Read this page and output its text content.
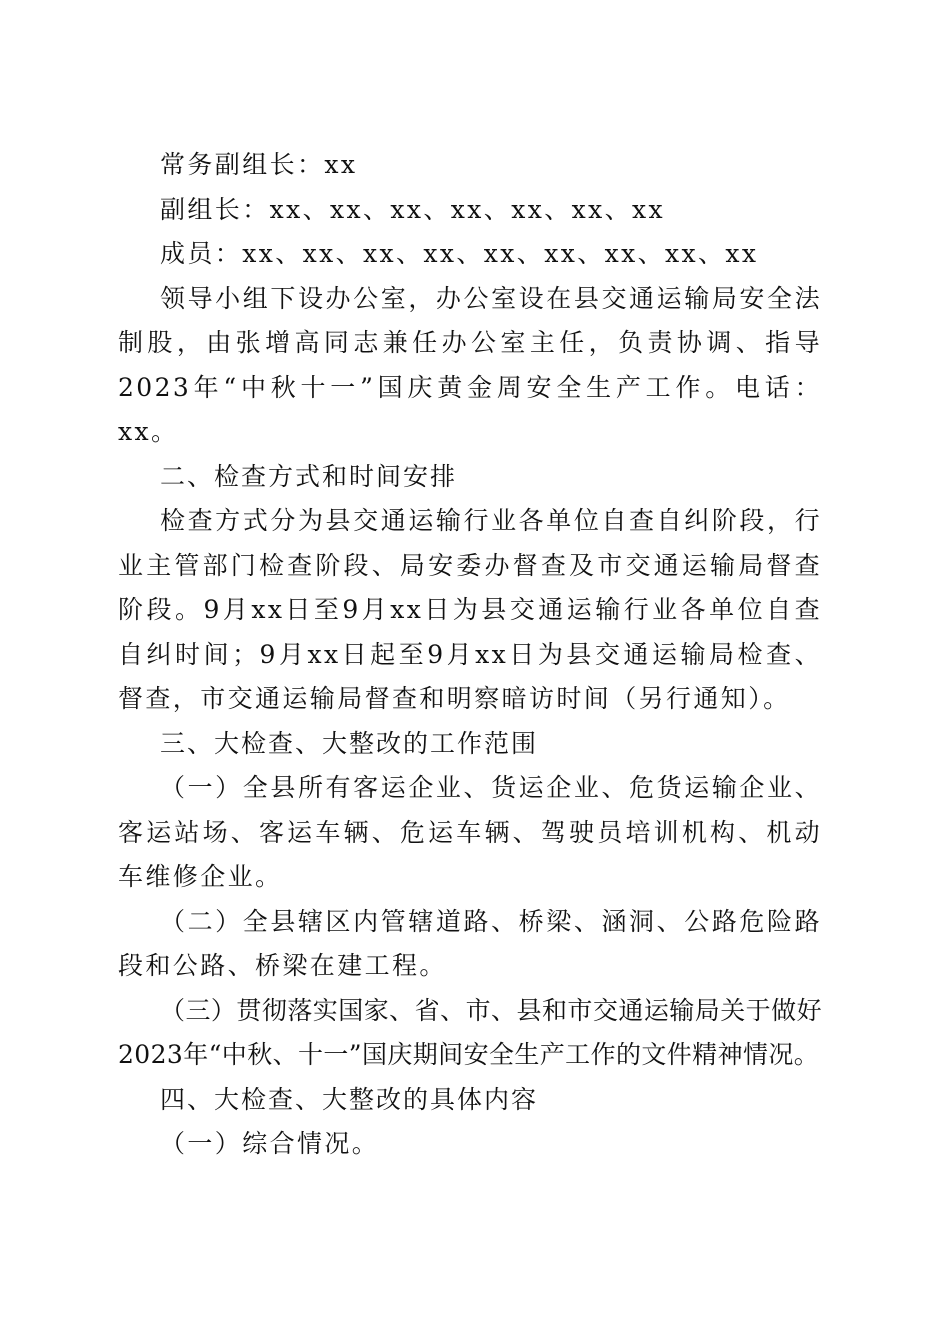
常务副组长：xx

副组长：xx、xx、xx、xx、xx、xx、xx

成员：xx、xx、xx、xx、xx、xx、xx、xx、xx

领导小组下设办公室，办公室设在县交通运输局安全法制股，由张增高同志兼任办公室主任，负责协调、指导2023年“中秋十一”国庆黄金周安全生产工作。电话：xx。

二、检查方式和时间安排

检查方式分为县交通运输行业各单位自查自纠阶段，行业主管部门检查阶段、局安委办督查及市交通运输局督查阶段。9月xx日至9月xx日为县交通运输行业各单位自查自纠时间；9月xx日起至9月xx日为县交通运输局检查、督查，市交通运输局督查和明察暗访时间（另行通知）。

三、大检查、大整改的工作范围

（一）全县所有客运企业、货运企业、危货运输企业、客运站场、客运车辆、危运车辆、驾驶员培训机构、机动车维修企业。

（二）全县辖区内管辖道路、桥梁、涵洞、公路危险路段和公路、桥梁在建工程。

（三）贯彻落实国家、省、市、县和市交通运输局关于做好2023年“中秋、十一”国庆期间安全生产工作的文件精神情况。

四、大检查、大整改的具体内容

（一）综合情况。
